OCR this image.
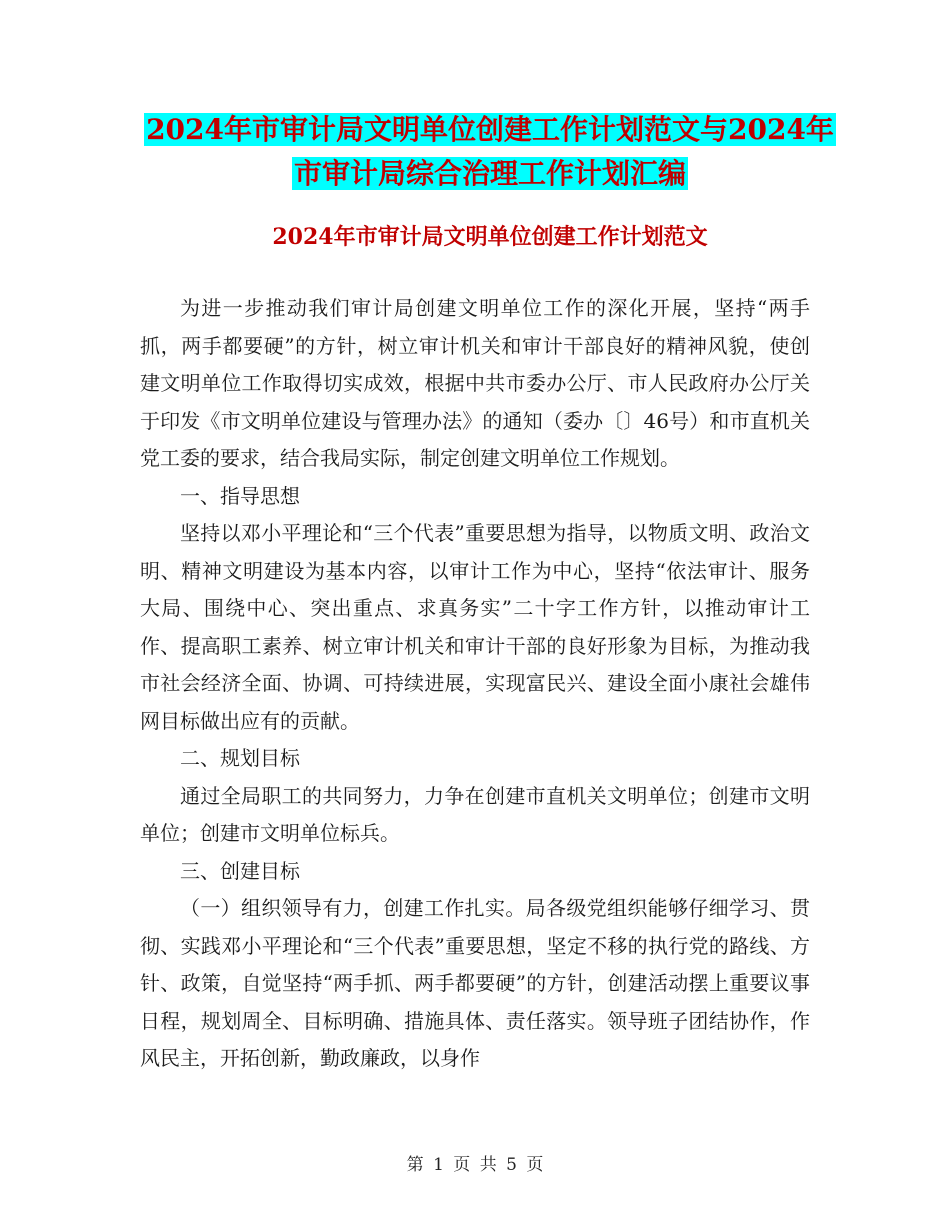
2024年市审计局文明单位创建工作计划范文与2024年
市审计局综合治理工作计划汇编
2024年市审计局文明单位创建工作计划范文

为进一步推动我们审计局创建文明单位工作的深化开展，坚持“两手抓，两手都要硬”的方针，树立审计机关和审计干部良好的精神风貌，使创建文明单位工作取得切实成效，根据中共市委办公厅、市人民政府办公厅关于印发《市文明单位建设与管理办法》的通知（委办〔〕46号）和市直机关党工委的要求，结合我局实际，制定创建文明单位工作规划。

一、指导思想

坚持以邓小平理论和“三个代表”重要思想为指导，以物质文明、政治文明、精神文明建设为基本内容，以审计工作为中心，坚持“依法审计、服务大局、围绕中心、突出重点、求真务实”二十字工作方针，以推动审计工作、提高职工素养、树立审计机关和审计干部的良好形象为目标，为推动我市社会经济全面、协调、可持续进展，实现富民兴、建设全面小康社会雄伟网目标做出应有的贡献。

二、规划目标

通过全局职工的共同努力，力争在创建市直机关文明单位；创建市文明单位；创建市文明单位标兵。

三、创建目标

（一）组织领导有力，创建工作扎实。局各级党组织能够仔细学习、贯彻、实践邓小平理论和“三个代表”重要思想，坚定不移的执行党的路线、方针、政策，自觉坚持“两手抓、两手都要硬”的方针，创建活动摆上重要议事日程，规划周全、目标明确、措施具体、责任落实。领导班子团结协作，作风民主，开拓创新，勤政廉政，以身作

第 1 页 共 5 页
